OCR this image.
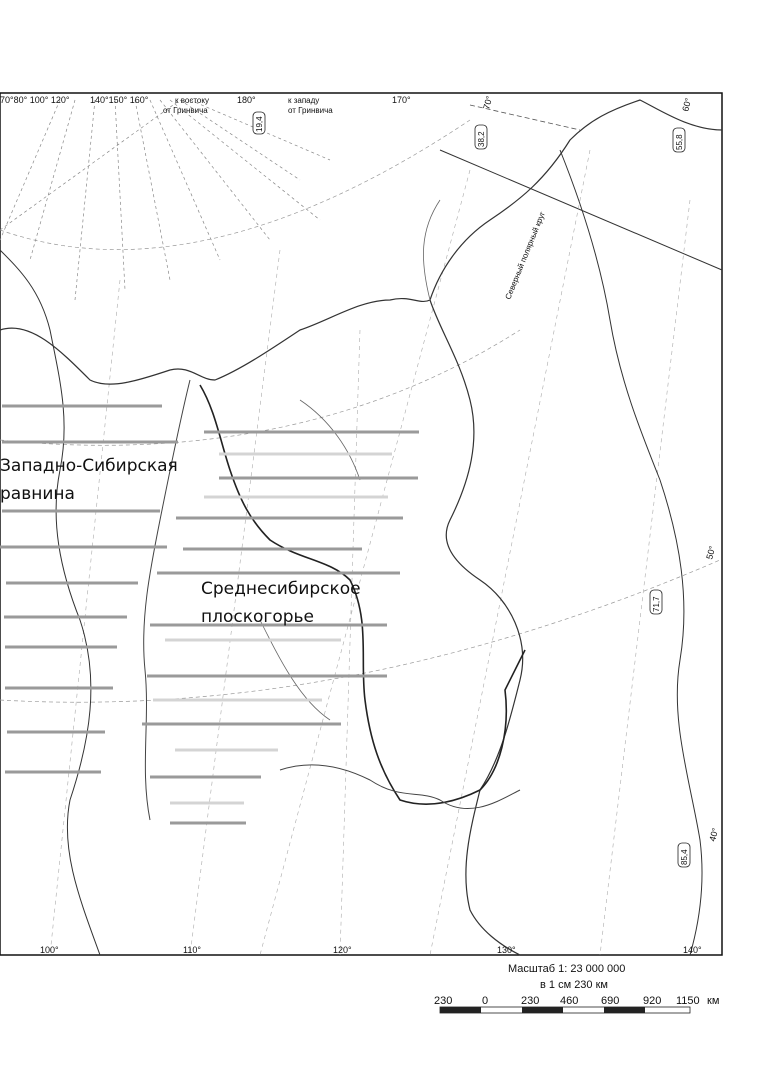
70°80° 100° 120° 140°150° 160°	к востоку
от Гринвича
180°	к западу
от Гринвича
170°	70°	60°
19,4
38,2	55,8
71,7
85,4
Северный полярный круг
50°
40°
100°	110°	120°	130°	140°
Масштаб 1: 23 000 000
в 1 см 230 км
230	0	230 460 690 920 1150 км
Западно-Сибирская
равнина
Среднесибирское
плоскогорье
